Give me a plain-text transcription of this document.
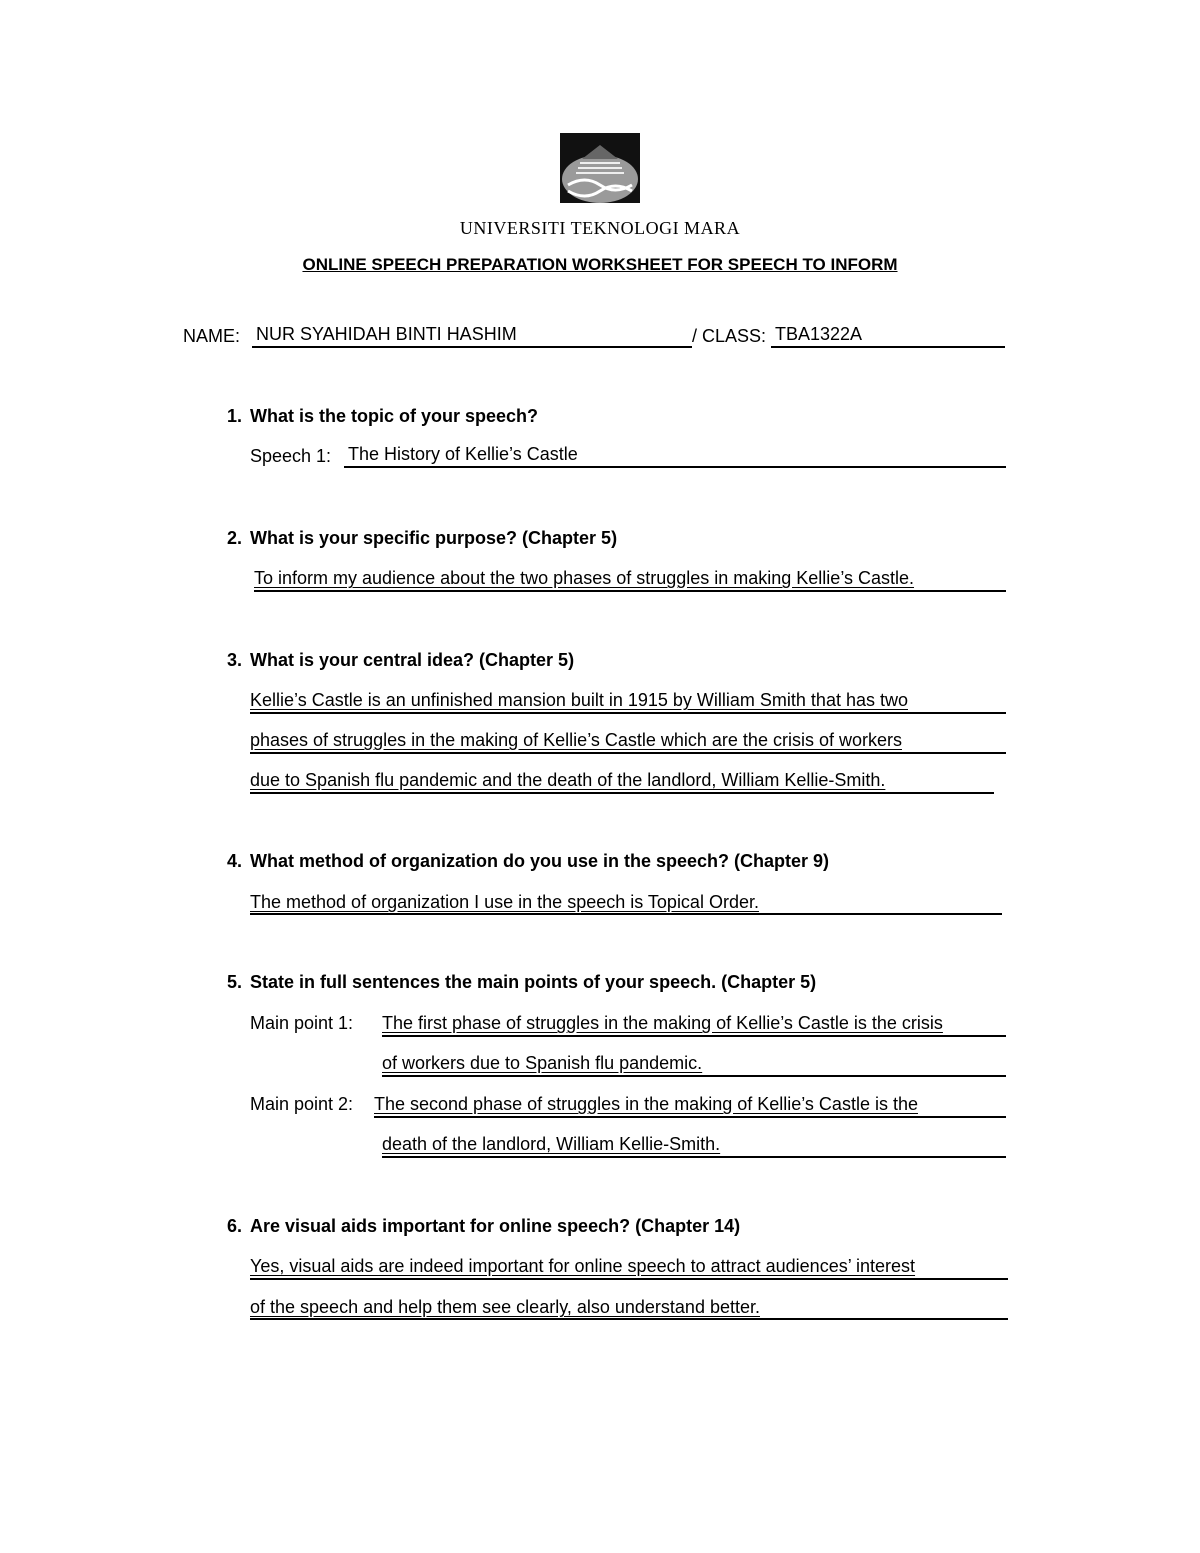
UNIVERSITI TEKNOLOGI MARA
ONLINE SPEECH PREPARATION WORKSHEET FOR SPEECH TO INFORM
NAME: NUR SYAHIDAH BINTI HASHIM	/ CLASS: TBA1322A
1. What is the topic of your speech?
Speech 1: The History of Kellie’s Castle
2. What is your specific purpose? (Chapter 5)
To inform my audience about the two phases of struggles in making Kellie’s Castle.
3. What is your central idea? (Chapter 5)
Kellie’s Castle is an unfinished mansion built in 1915 by William Smith that has two
phases of struggles in the making of Kellie’s Castle which are the crisis of workers
due to Spanish flu pandemic and the death of the landlord, William Kellie-Smith.
4. What method of organization do you use in the speech? (Chapter 9)
The method of organization I use in the speech is Topical Order.
5. State in full sentences the main points of your speech. (Chapter 5)
Main point 1: The first phase of struggles in the making of Kellie’s Castle is the crisis
of workers due to Spanish flu pandemic.
Main point 2: The second phase of struggles in the making of Kellie’s Castle is the
death of the landlord, William Kellie-Smith.
6. Are visual aids important for online speech? (Chapter 14)
Yes, visual aids are indeed important for online speech to attract audiences’ interest
of the speech and help them see clearly, also understand better.
